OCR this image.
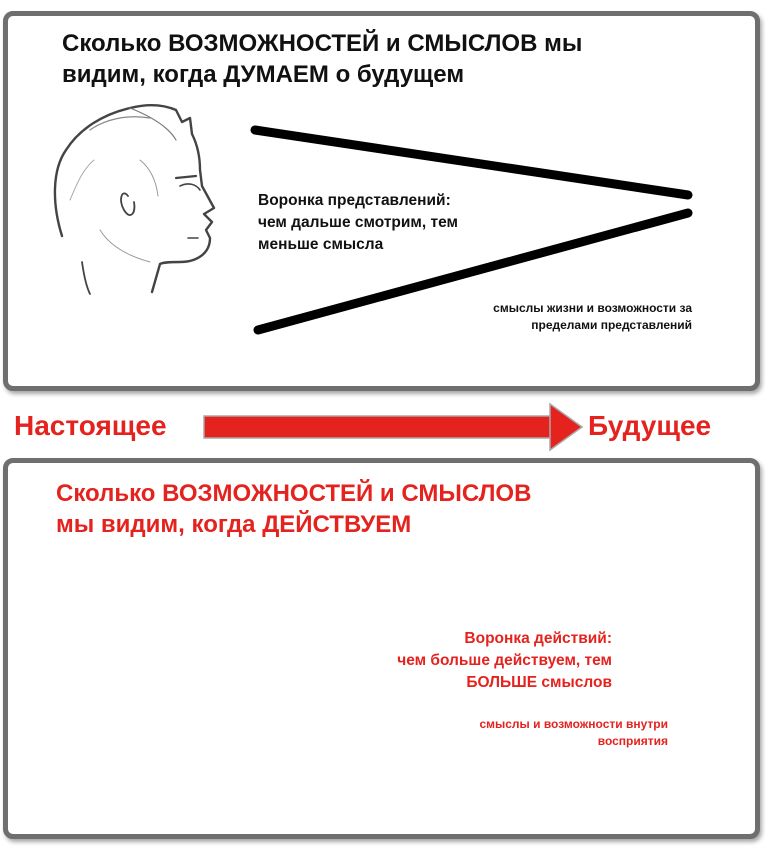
Сколько ВОЗМОЖНОСТЕЙ и СМЫСЛОВ мы
видим, когда ДУМАЕМ о будущем

Воронка представлений:
чем дальше смотрим, тем
меньше смысла

смыслы жизни и возможности за
пределами представлений

Настоящее	Будущее

Сколько ВОЗМОЖНОСТЕЙ и СМЫСЛОВ
мы видим, когда ДЕЙСТВУЕМ

Воронка действий:
чем больше действуем, тем
БОЛЬШЕ смыслов

смыслы и возможности внутри
восприятия
